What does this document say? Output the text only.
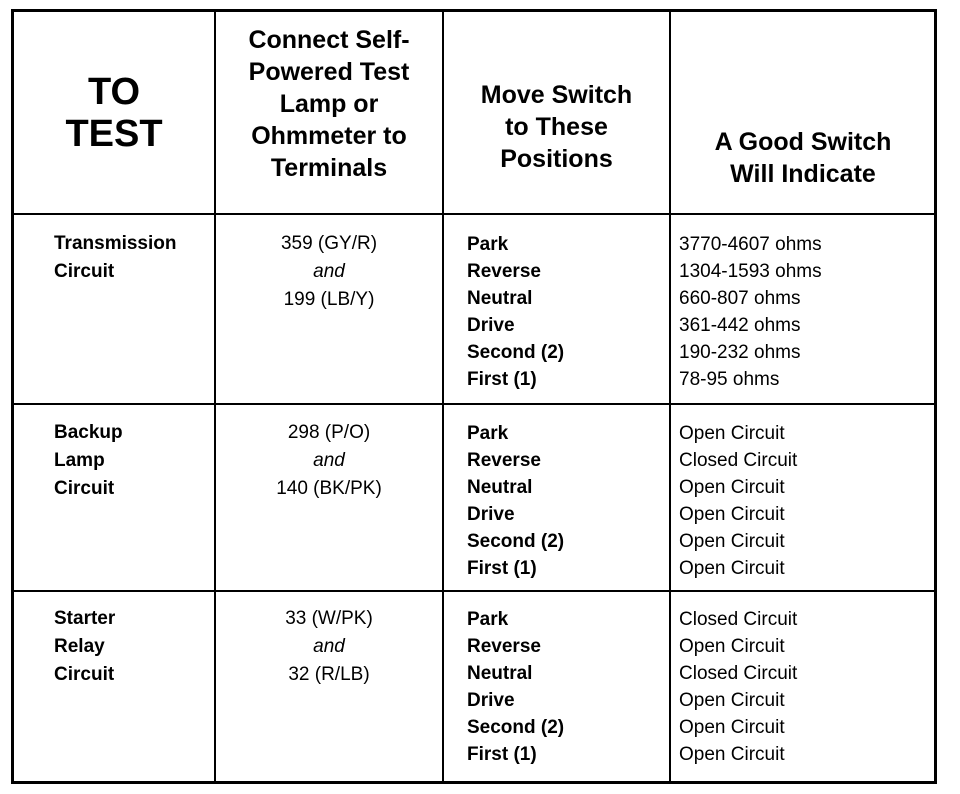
TO
TEST
Connect Self-
Powered Test
Lamp or
Ohmmeter to
Terminals
Move Switch
to These
Positions
A Good Switch
Will Indicate
Transmission
Circuit
359 (GY/R)
and
199 (LB/Y)
Park
Reverse
Neutral
Drive
Second (2)
First (1)
3770-4607 ohms
1304-1593 ohms
660-807 ohms
361-442 ohms
190-232 ohms
78-95 ohms
Backup
Lamp
Circuit
298 (P/O)
and
140 (BK/PK)
Park
Reverse
Neutral
Drive
Second (2)
First (1)
Open Circuit
Closed Circuit
Open Circuit
Open Circuit
Open Circuit
Open Circuit
Starter
Relay
Circuit
33 (W/PK)
and
32 (R/LB)
Park
Reverse
Neutral
Drive
Second (2)
First (1)
Closed Circuit
Open Circuit
Closed Circuit
Open Circuit
Open Circuit
Open Circuit
